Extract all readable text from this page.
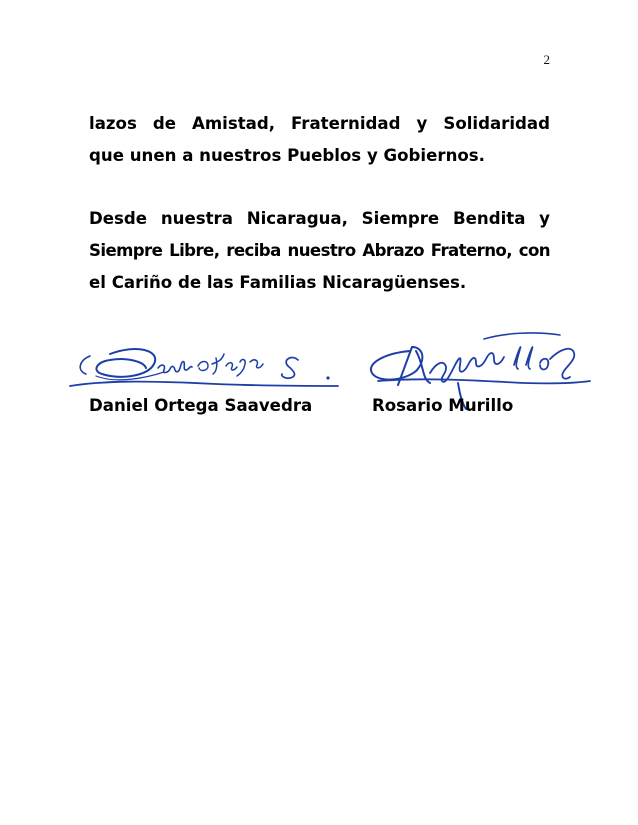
2
lazos de Amistad, Fraternidad y Solidaridad
que unen a nuestros Pueblos y Gobiernos.
Desde nuestra Nicaragua, Siempre Bendita y
Siempre Libre, reciba nuestro Abrazo Fraterno, con
el Cariño de las Familias Nicaragüenses.
Daniel Ortega Saavedra	Rosario Murillo
